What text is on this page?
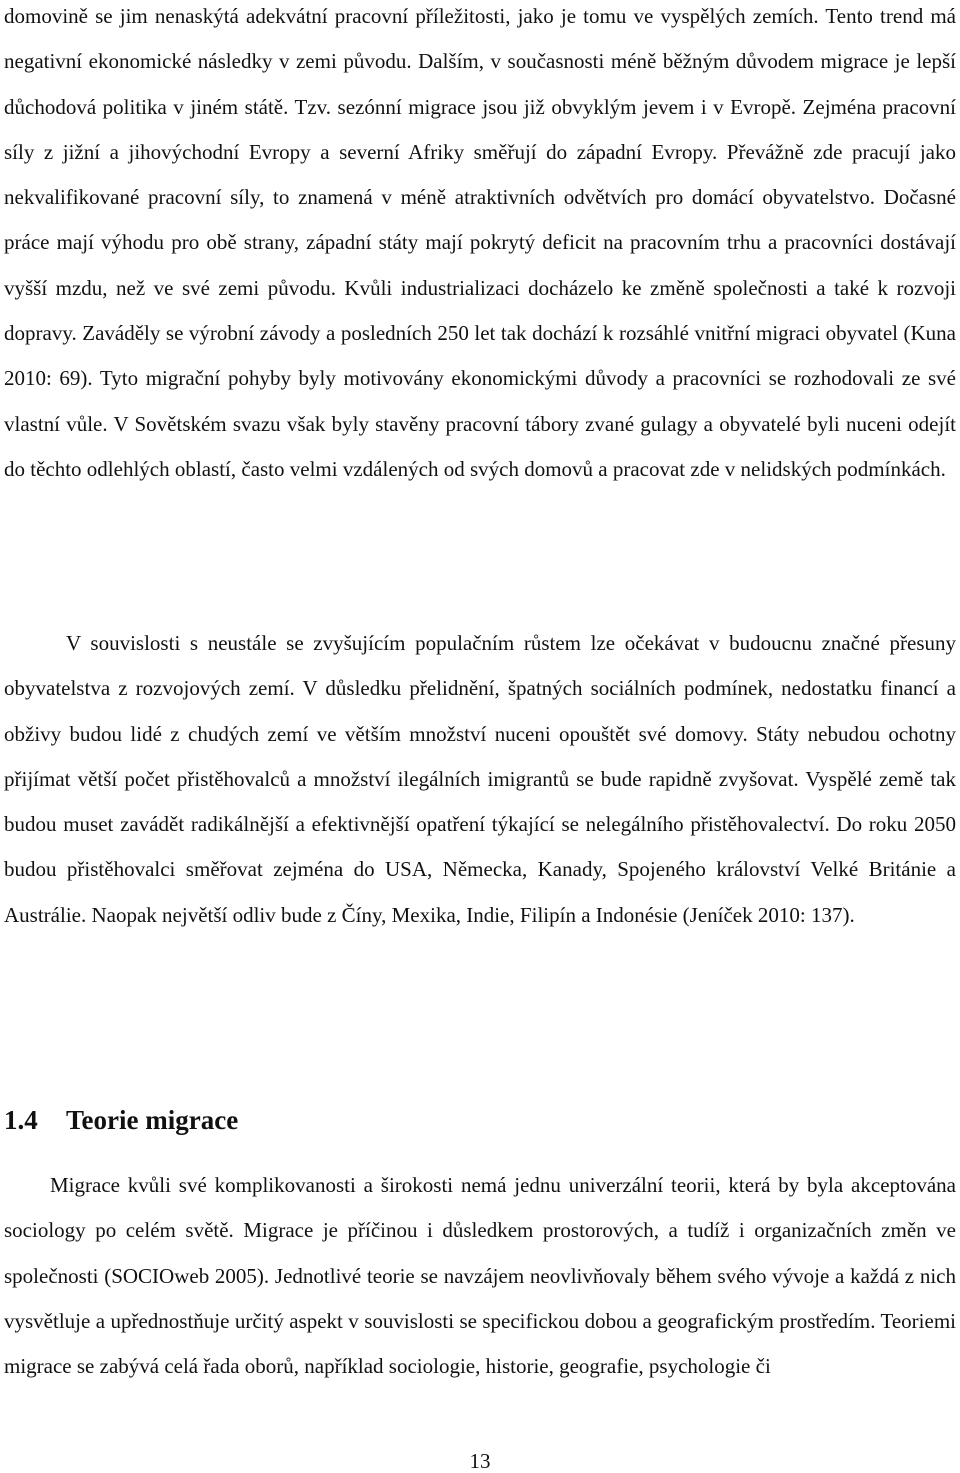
domovině se jim nenaskýtá adekvátní pracovní příležitosti, jako je tomu ve vyspělých zemích. Tento trend má negativní ekonomické následky v zemi původu. Dalším, v současnosti méně běžným důvodem migrace je lepší důchodová politika v jiném státě. Tzv. sezónní migrace jsou již obvyklým jevem i v Evropě. Zejména pracovní síly z jižní a jihovýchodní Evropy a severní Afriky směřují do západní Evropy. Převážně zde pracují jako nekvalifikované pracovní síly, to znamená v méně atraktivních odvětvích pro domácí obyvatelstvo. Dočasné práce mají výhodu pro obě strany, západní státy mají pokrytý deficit na pracovním trhu a pracovníci dostávají vyšší mzdu, než ve své zemi původu. Kvůli industrializaci docházelo ke změně společnosti a také k rozvoji dopravy. Zaváděly se výrobní závody a posledních 250 let tak dochází k rozsáhlé vnitřní migraci obyvatel (Kuna 2010: 69). Tyto migrační pohyby byly motivovány ekonomickými důvody a pracovníci se rozhodovali ze své vlastní vůle. V Sovětském svazu však byly stavěny pracovní tábory zvané gulagy a obyvatelé byli nuceni odejít do těchto odlehlých oblastí, často velmi vzdálených od svých domovů a pracovat zde v nelidských podmínkách.

V souvislosti s neustále se zvyšujícím populačním růstem lze očekávat v budoucnu značné přesuny obyvatelstva z rozvojových zemí. V důsledku přelidnění, špatných sociálních podmínek, nedostatku financí a obživy budou lidé z chudých zemí ve větším množství nuceni opouštět své domovy. Státy nebudou ochotny přijímat větší počet přistěhovalců a množství ilegálních imigrantů se bude rapidně zvyšovat. Vyspělé země tak budou muset zavádět radikálnější a efektivnější opatření týkající se nelegálního přistěhovalectví. Do roku 2050 budou přistěhovalci směřovat zejména do USA, Německa, Kanady, Spojeného království Velké Británie a Austrálie. Naopak největší odliv bude z Číny, Mexika, Indie, Filipín a Indonésie (Jeníček 2010: 137).

1.4 Teorie migrace

Migrace kvůli své komplikovanosti a širokosti nemá jednu univerzální teorii, která by byla akceptována sociology po celém světě. Migrace je příčinou i důsledkem prostorových, a tudíž i organizačních změn ve společnosti (SOCIOweb 2005). Jednotlivé teorie se navzájem neovlivňovaly během svého vývoje a každá z nich vysvětluje a upřednostňuje určitý aspekt v souvislosti se specifickou dobou a geografickým prostředím. Teoriemi migrace se zabývá celá řada oborů, například sociologie, historie, geografie, psychologie či

13
